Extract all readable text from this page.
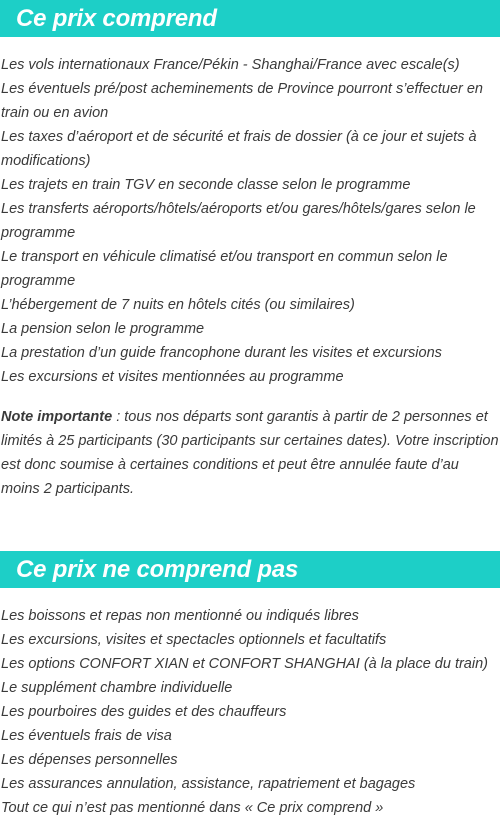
Ce prix comprend
Les vols internationaux France/Pékin - Shanghai/France avec escale(s)
Les éventuels pré/post acheminements de Province pourront s’effectuer en train ou en avion
Les taxes d’aéroport et de sécurité et frais de dossier (à ce jour et sujets à modifications)
Les trajets en train TGV en seconde classe selon le programme
Les transferts aéroports/hôtels/aéroports et/ou gares/hôtels/gares selon le programme
Le transport en véhicule climatisé et/ou transport en commun selon le programme
L’hébergement de 7 nuits en hôtels cités (ou similaires)
La pension selon le programme
La prestation d’un guide francophone durant les visites et excursions
Les excursions et visites mentionnées au programme

Note importante : tous nos départs sont garantis à partir de 2 personnes et limités à 25 participants (30 participants sur certaines dates). Votre inscription est donc soumise à certaines conditions et peut être annulée faute d’au moins 2 participants.

Ce prix ne comprend pas
Les boissons et repas non mentionné ou indiqués libres
Les excursions, visites et spectacles optionnels et facultatifs
Les options CONFORT XIAN et CONFORT SHANGHAI (à la place du train)
Le supplément chambre individuelle
Les pourboires des guides et des chauffeurs
Les éventuels frais de visa
Les dépenses personnelles
Les assurances annulation, assistance, rapatriement et bagages
Tout ce qui n’est pas mentionné dans « Ce prix comprend »
